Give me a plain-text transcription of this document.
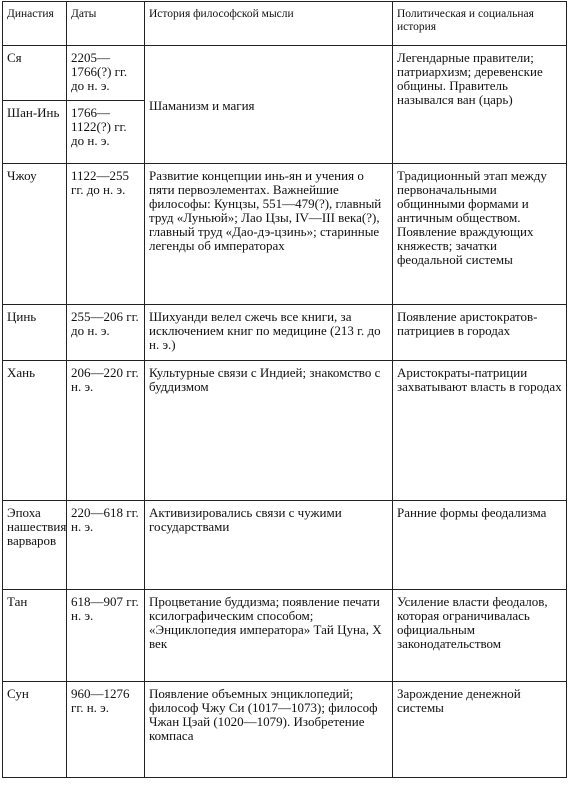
Династия	Даты	История философской мысли	Политическая и социальная история
Ся	2205—1766(?) гг. до н. э.	Шаманизм и магия	Легендарные правители; патриархизм; деревенские общины. Правитель назывался ван (царь)
Шан-Инь	1766—1122(?) гг. до н. э.		
Чжоу	1122—255 гг. до н. э.	Развитие концепции инь-ян и учения о пяти первоэлементах. Важнейшие философы: Кунцзы, 551—479(?), главный труд «Луньюй»; Лао Цзы, IV—III века(?), главный труд «Дао-дэ-цзинь»; старинные легенды об императорах	Традиционный этап между первоначальными общинными формами и античным обществом. Появление враждующих княжеств; зачатки феодальной системы
Цинь	255—206 гг. до н. э.	Шихуанди велел сжечь все книги, за исключением книг по медицине (213 г. до н. э.)	Появление аристократов-патрициев в городах
Хань	206—220 гг. н. э.	Культурные связи с Индией; знакомство с буддизмом	Аристократы-патриции захватывают власть в городах
Эпоха нашествия варваров	220—618 гг. н. э.	Активизировались связи с чужими государствами	Ранние формы феодализма
Тан	618—907 гг. н. э.	Процветание буддизма; появление печати ксилографическим способом; «Энциклопедия императора» Тай Цуна, X век	Усиление власти феодалов, которая ограничивалась официальным законодательством
Сун	960—1276 гг. н. э.	Появление объемных энциклопедий; философ Чжу Си (1017—1073); философ Чжан Цэай (1020—1079). Изобретение компаса	Зарождение денежной системы
